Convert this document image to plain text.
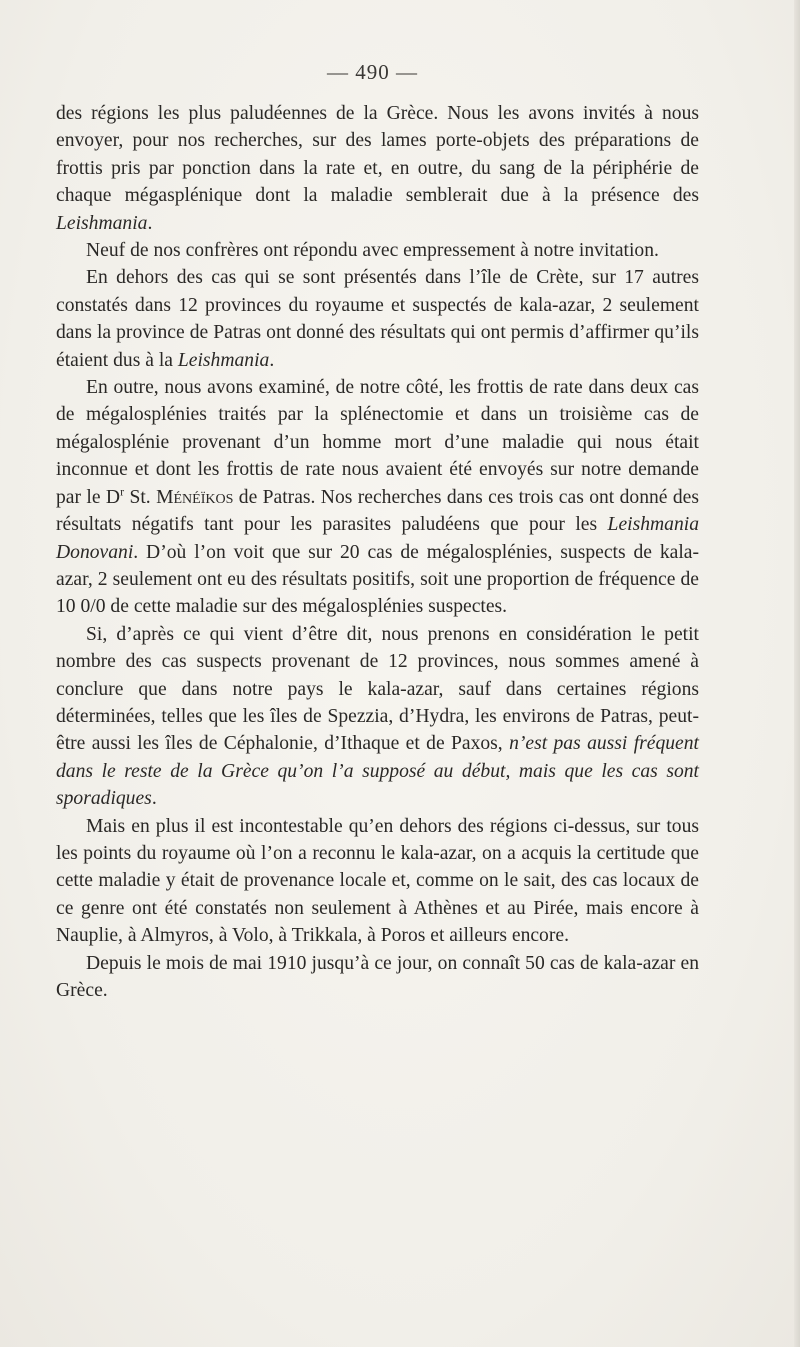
— 490 —

des régions les plus paludéennes de la Grèce. Nous les avons invités à nous envoyer, pour nos recherches, sur des lames porte-objets des préparations de frottis pris par ponction dans la rate et, en outre, du sang de la périphérie de chaque mégasplénique dont la maladie semblerait due à la présence des Leishmania.

Neuf de nos confrères ont répondu avec empressement à notre invitation.

En dehors des cas qui se sont présentés dans l’île de Crète, sur 17 autres constatés dans 12 provinces du royaume et suspectés de kala-azar, 2 seulement dans la province de Patras ont donné des résultats qui ont permis d’affirmer qu’ils étaient dus à la Leishmania.

En outre, nous avons examiné, de notre côté, les frottis de rate dans deux cas de mégalosplénies traités par la splénectomie et dans un troisième cas de mégalosplénie provenant d’un homme mort d’une maladie qui nous était inconnue et dont les frottis de rate nous avaient été envoyés sur notre demande par le $D^r$ St. Ménéïkos de Patras. Nos recherches dans ces trois cas ont donné des résultats négatifs tant pour les parasites paludéens que pour les Leishmania Donovani. D’où l’on voit que sur 20 cas de mégalosplénies, suspects de kala-azar, 2 seulement ont eu des résultats positifs, soit une proportion de fréquence de 10 0/0 de cette maladie sur des mégalosplénies suspectes.

Si, d’après ce qui vient d’être dit, nous prenons en considération le petit nombre des cas suspects provenant de 12 provinces, nous sommes amené à conclure que dans notre pays le kala-azar, sauf dans certaines régions déterminées, telles que les îles de Spezzia, d’Hydra, les environs de Patras, peut-être aussi les îles de Céphalonie, d’Ithaque et de Paxos, n’est pas aussi fréquent dans le reste de la Grèce qu’on l’a supposé au début, mais que les cas sont sporadiques.

Mais en plus il est incontestable qu’en dehors des régions ci-dessus, sur tous les points du royaume où l’on a reconnu le kala-azar, on a acquis la certitude que cette maladie y était de provenance locale et, comme on le sait, des cas locaux de ce genre ont été constatés non seulement à Athènes et au Pirée, mais encore à Nauplie, à Almyros, à Volo, à Trikkala, à Poros et ailleurs encore.

Depuis le mois de mai 1910 jusqu’à ce jour, on connaît 50 cas de kala-azar en Grèce.
